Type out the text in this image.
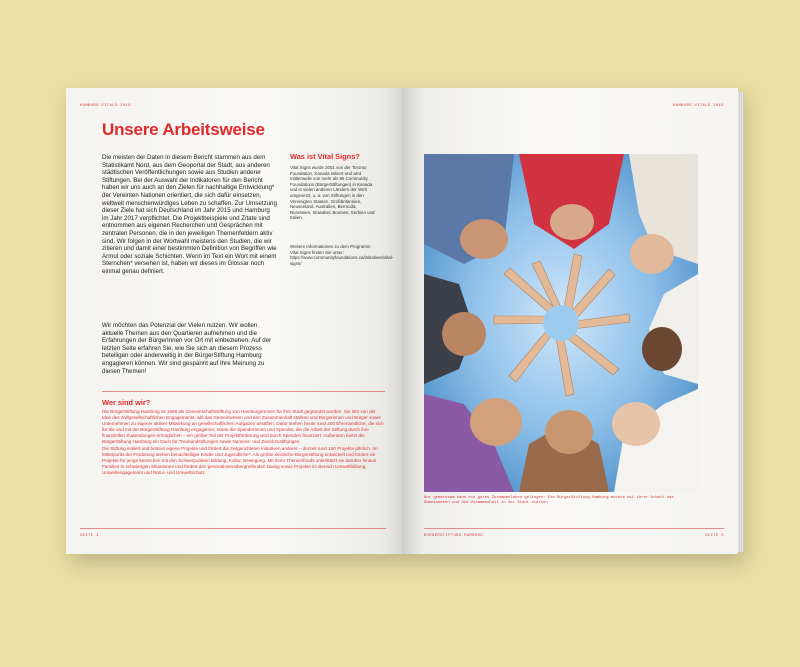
HAMBURG VITALS 2019
Unsere Arbeitsweise

Die meisten der Daten in diesem Bericht stammen aus dem Statistikamt Nord, aus dem Geoportal der Stadt, aus anderen städtischen Veröffentlichungen sowie aus Studien anderer Stiftungen. Bei der Auswahl der Indikatoren für den Bericht haben wir uns auch an den Zielen für nachhaltige Entwicklung* der Vereinten Nationen orientiert, die sich dafür einsetzen, weltweit menschenwürdiges Leben zu schaffen. Zur Umsetzung dieser Ziele hat sich Deutschland im Jahr 2015 und Hamburg im Jahr 2017 verpflichtet. Die Projektbeispiele und Zitate sind entnommen aus eigenen Recherchen und Gesprächen mit zentralen Personen, die in den jeweiligen Themenfeldern aktiv sind. Wir folgen in der Wortwahl meistens den Studien, die wir zitieren und damit einer bestimmten Definition von Begriffen wie Armut oder soziale Schichten. Wenn im Text ein Wort mit einem Sternchen* versehen ist, haben wir dieses im Glossar noch einmal genau definiert.

Wir möchten das Potenzial der Vielen nutzen. Wir wollen aktuelle Themen aus den Quartieren aufnehmen und die Erfahrungen der BürgerInnen vor Ort mit einbeziehen. Auf der letzten Seite erfahren Sie, wie Sie sich an diesem Prozess beteiligen oder anderweitig in der BürgerStiftung Hamburg engagieren können. Wir sind gespannt auf Ihre Meinung zu diesen Themen!

Was ist Vital Signs?

Vital Signs wurde 2001 von der Toronto Foundation, Kanada initiiert und wird mittlerweile von mehr als 85 Community Foundations (BürgerStiftungen) in Kanada und in vielen anderen Ländern der Welt umgesetzt, u. a. von Stiftungen in den Vereinigten Staaten, Großbritannien, Neuseeland, Australien, Bermuda, Rumänien, Slowakei, Bosnien, Serbien und Italien.

Weitere Informationen zu dem Programm Vital Signs finden Sie unter: https://www.communityfoundations.ca/initiatives/vital-signs/

Wer sind wir?
Die BürgerStiftung Hamburg ist 1999 als Gemeinschaftsstiftung von HamburgerInnen für ihre Stadt gegründet worden. Sie lebt von der Idee des zivilgesellschaftlichen Engagements, will das Gemeinwesen und den Zusammenhalt stärken und Bürgerinnen und Bürger sowie Unternehmen zu eigener aktiver Mitwirkung an gesellschaftlichen Aufgaben anstiften. Dafür stehen heute rund 400 Ehrenamtliche, die sich für die und mit der BürgerStiftung Hamburg engagieren, sowie die SpenderInnen und Spender, die die Arbeit der Stiftung durch ihre finanziellen Zuwendungen ermöglichen – ein großer Teil der Projektförderung wird durch Spenden finanziert. Außerdem bietet die BürgerStiftung Hamburg ein Dach für Treuhandstiftungen sowie Namens- und Zweckzustiftungen.
Die Stiftung initiiert und betreut eigene Projekte und fördert die zielgerichteten Initiativen anderer – derzeit rund 150 Projekte jährlich. Im Mittelpunkt der Förderung stehen benachteiligte Kinder und Jugendliche*. Als größte deutsche Bürgerstiftung entwickelt und fördert sie Projekte für junge Menschen mit den Schwerpunkten Bildung, Kultur, Bewegung. Mit ihren Themenfonds unterstützt sie darüber hinaus Familien in schwierigen Situationen und fördert den generationenübergreifenden Dialog sowie Projekte im Bereich Umweltbildung, Umweltengagement und Natur- und Umweltschutz.
SEITE 4
HAMBURG VITALS 2019
BÜRGERSTIFTUNG HAMBURG	SEITE 5

Nur gemeinsam kann ein gutes Zusammenleben gelingen: Die BürgerStiftung Hamburg möchte mit ihrer Arbeit das Gemeinwesen und den Zusammenhalt in der Stadt stärken
